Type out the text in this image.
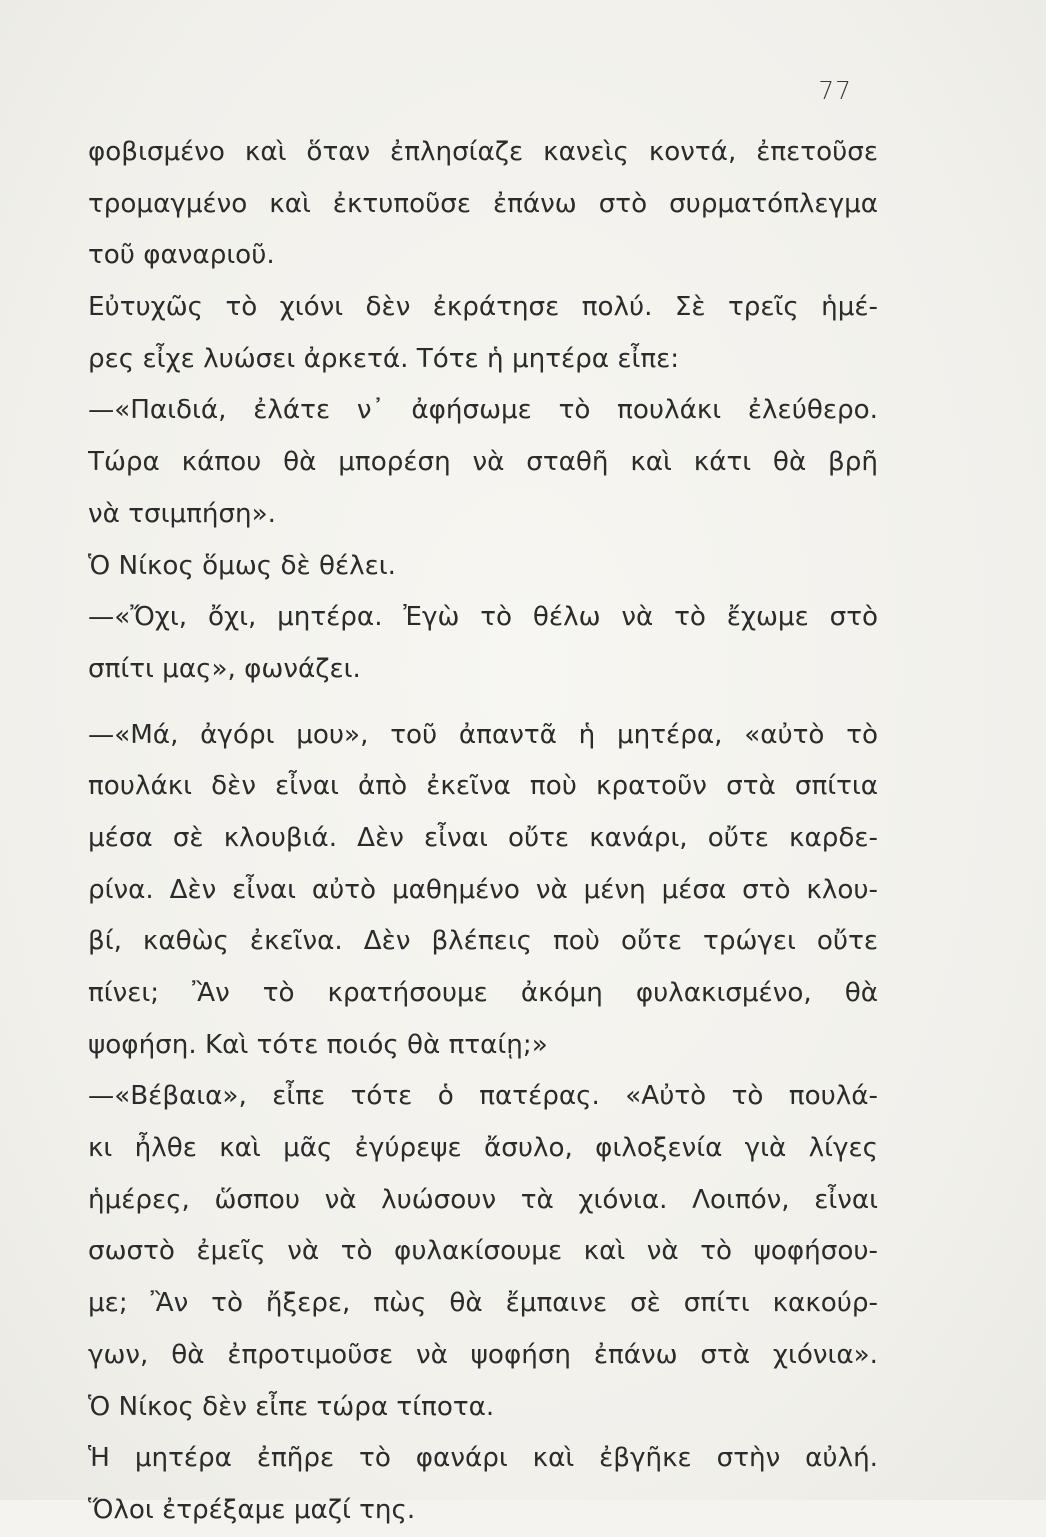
77
φοβισμένο καὶ ὅταν ἐπλησίαζε κανεὶς κοντά, ἐπετοῦσε
τρομαγμένο καὶ ἐκτυποῦσε ἐπάνω στὸ συρματόπλεγμα
τοῦ φαναριοῦ.
Εὐτυχῶς τὸ χιόνι δὲν ἐκράτησε πολύ. Σὲ τρεῖς ἡμέ-
ρες εἶχε λυώσει ἀρκετά. Τότε ἡ μητέρα εἶπε:
—«Παιδιά, ἐλάτε ν᾽ ἀφήσωμε τὸ πουλάκι ἐλεύθερο.
Τώρα κάπου θὰ μπορέση νὰ σταθῆ καὶ κάτι θὰ βρῆ
νὰ τσιμπήση».
Ὁ Νίκος ὅμως δὲ θέλει.
—«Ὄχι, ὄχι, μητέρα. Ἐγὼ τὸ θέλω νὰ τὸ ἔχωμε στὸ
σπίτι μας», φωνάζει.
—«Μά, ἀγόρι μου», τοῦ ἀπαντᾶ ἡ μητέρα, «αὐτὸ τὸ
πουλάκι δὲν εἶναι ἀπὸ ἐκεῖνα ποὺ κρατοῦν στὰ σπίτια
μέσα σὲ κλουβιά. Δὲν εἶναι οὔτε κανάρι, οὔτε καρδε-
ρίνα. Δὲν εἶναι αὐτὸ μαθημένο νὰ μένη μέσα στὸ κλου-
βί, καθὼς ἐκεῖνα. Δὲν βλέπεις ποὺ οὔτε τρώγει οὔτε
πίνει; Ἂν τὸ κρατήσουμε ἀκόμη φυλακισμένο, θὰ
ψοφήση. Καὶ τότε ποιός θὰ πταίῃ;»
—«Βέβαια», εἶπε τότε ὁ πατέρας. «Αὐτὸ τὸ πουλά-
κι ἦλθε καὶ μᾶς ἐγύρεψε ἄσυλο, φιλοξενία γιὰ λίγες
ἡμέρες, ὥσπου νὰ λυώσουν τὰ χιόνια. Λοιπόν, εἶναι
σωστὸ ἐμεῖς νὰ τὸ φυλακίσουμε καὶ νὰ τὸ ψοφήσου-
με; Ἂν τὸ ἤξερε, πὼς θὰ ἔμπαινε σὲ σπίτι κακούρ-
γων, θὰ ἐπροτιμοῦσε νὰ ψοφήση ἐπάνω στὰ χιόνια».
Ὁ Νίκος δὲν εἶπε τώρα τίποτα.
Ἡ μητέρα ἐπῆρε τὸ φανάρι καὶ ἐβγῆκε στὴν αὐλή.
Ὅλοι ἐτρέξαμε μαζί της.
